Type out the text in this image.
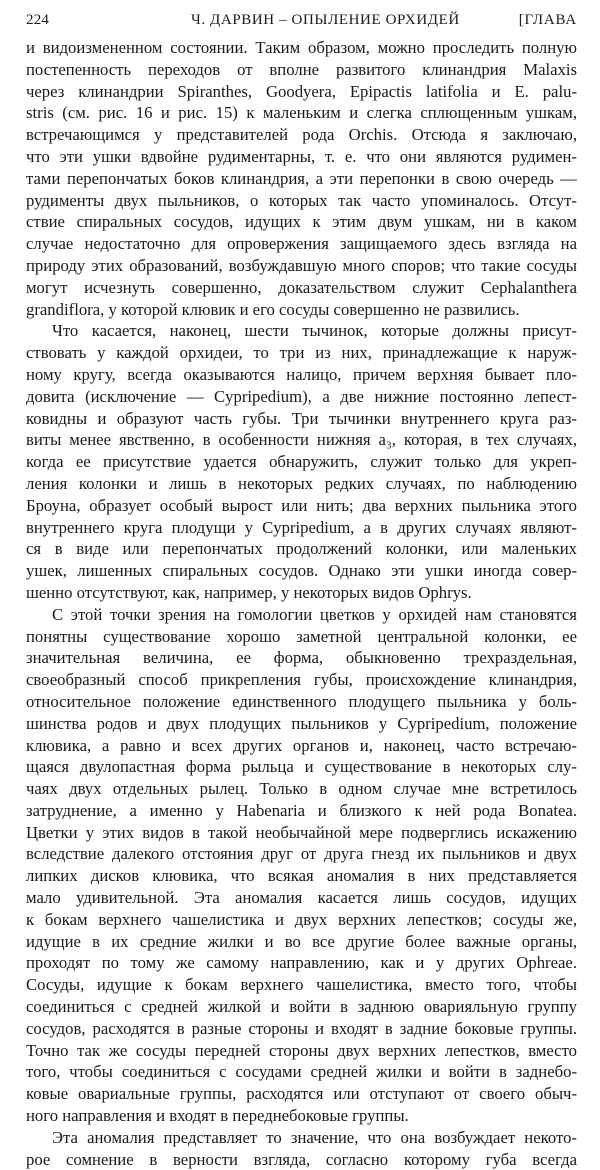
224	Ч. ДАРВИН – ОПЫЛЕНИЕ ОРХИДЕЙ	[ГЛАВА
и видоизмененном состоянии. Таким образом, можно проследить полную
постепенность переходов от вполне развитого клинандрия Malaxis
через клинандрии Spiranthes, Goodyera, Epipactis latifolia и E. palu-
stris (см. рис. 16 и рис. 15) к маленьким и слегка сплющенным ушкам,
встречающимся у представителей рода Orchis. Отсюда я заключаю,
что эти ушки вдвойне рудиментарны, т. е. что они являются рудимен-
тами перепончатых боков клинандрия, а эти перепонки в свою очередь —
рудименты двух пыльников, о которых так часто упоминалось. Отсут-
ствие спиральных сосудов, идущих к этим двум ушкам, ни в каком
случае недостаточно для опровержения защищаемого здесь взгляда на
природу этих образований, возбуждавшую много споров; что такие сосуды
могут исчезнуть совершенно, доказательством служит Cephalanthera
grandiflora, у которой клювик и его сосуды совершенно не развились.
Что касается, наконец, шести тычинок, которые должны присут-
ствовать у каждой орхидеи, то три из них, принадлежащие к наруж-
ному кругу, всегда оказываются налицо, причем верхняя бывает пло-
довита (исключение — Cypripedium), а две нижние постоянно лепест-
ковидны и образуют часть губы. Три тычинки внутреннего круга раз-
виты менее явственно, в особенности нижняя a₃, которая, в тех случаях,
когда ее присутствие удается обнаружить, служит только для укреп-
ления колонки и лишь в некоторых редких случаях, по наблюдению
Броуна, образует особый вырост или нить; два верхних пыльника этого
внутреннего круга плодущи у Cypripedium, а в других случаях являют-
ся в виде или перепончатых продолжений колонки, или маленьких
ушек, лишенных спиральных сосудов. Однако эти ушки иногда совер-
шенно отсутствуют, как, например, у некоторых видов Ophrys.
С этой точки зрения на гомологии цветков у орхидей нам становятся
понятны существование хорошо заметной центральной колонки, ее
значительная величина, ее форма, обыкновенно трехраздельная,
своеобразный способ прикрепления губы, происхождение клинандрия,
относительное положение единственного плодущего пыльника у боль-
шинства родов и двух плодущих пыльников у Cypripedium, положение
клювика, а равно и всех других органов и, наконец, часто встречаю-
щаяся двулопастная форма рыльца и существование в некоторых слу-
чаях двух отдельных рылец. Только в одном случае мне встретилось
затруднение, а именно у Habenaria и близкого к ней рода Bonatea.
Цветки у этих видов в такой необычайной мере подверглись искажению
вследствие далекого отстояния друг от друга гнезд их пыльников и двух
липких дисков клювика, что всякая аномалия в них представляется
мало удивительной. Эта аномалия касается лишь сосудов, идущих
к бокам верхнего чашелистика и двух верхних лепестков; сосуды же,
идущие в их средние жилки и во все другие более важные органы,
проходят по тому же самому направлению, как и у других Ophreae.
Сосуды, идущие к бокам верхнего чашелистика, вместо того, чтобы
соединиться с средней жилкой и войти в заднюю оварияльную группу
сосудов, расходятся в разные стороны и входят в задние боковые группы.
Точно так же сосуды передней стороны двух верхних лепестков, вместо
того, чтобы соединиться с сосудами средней жилки и войти в заднебо-
ковые овариальные группы, расходятся или отступают от своего обыч-
ного направления и входят в переднебоковые группы.
Эта аномалия представляет то значение, что она возбуждает некото-
рое сомнение в верности взгляда, согласно которому губа всегда
